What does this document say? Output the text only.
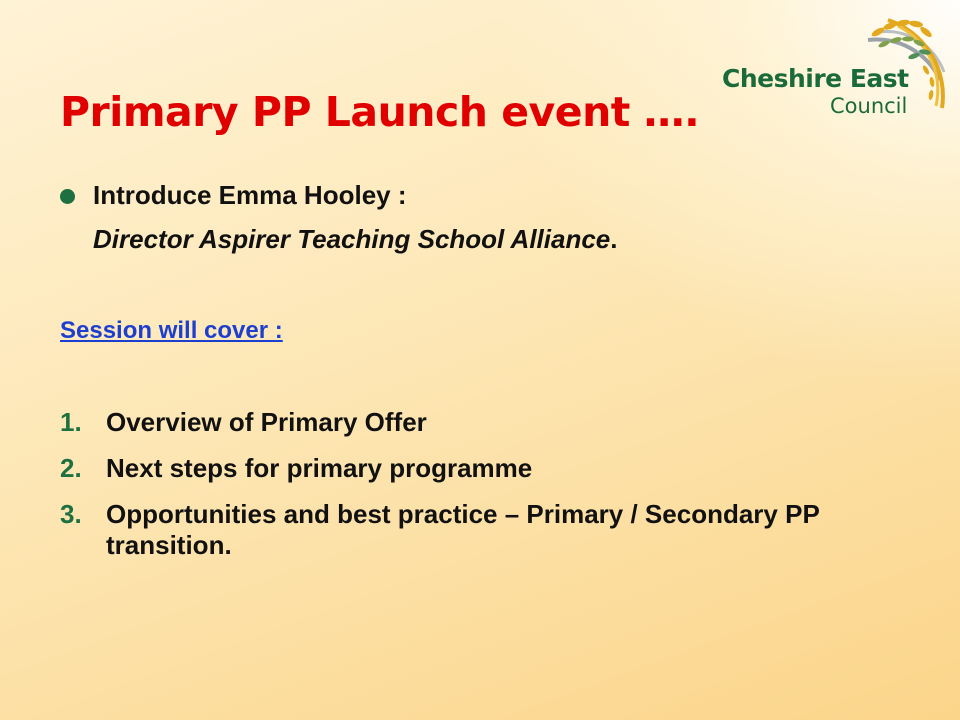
Cheshire East
Council
Primary PP Launch event ….
Introduce Emma Hooley :
Director Aspirer Teaching School Alliance.
Session will cover :
1. Overview of Primary Offer
2. Next steps for primary programme
3. Opportunities and best practice – Primary / Secondary PP transition.
